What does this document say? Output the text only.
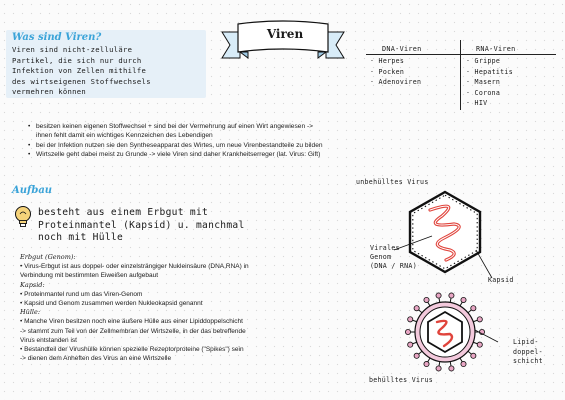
Was sind Viren?
Viren sind nicht-zelluläre
Partikel, die sich nur durch
Infektion von Zellen mithilfe
des wirtseigenen Stoffwechsels
vermehren können
Viren
DNA-Viren	RNA-Viren
· Herpes
· Pocken
· Adenoviren
· Grippe
· Hepatitis
· Masern
· Corona
· HIV
• besitzen keinen eigenen Stoffwechsel + sind bei der Vermehrung auf einen Wirt angewiesen ->
ihnen fehlt damit ein wichtiges Kennzeichen des Lebendigen
• bei der Infektion nutzen sie den Syntheseapparat des Wirtes, um neue Virenbestandteile zu bilden
• Wirtszelle geht dabei meist zu Grunde -> viele Viren sind daher Krankheitserreger (lat. Virus: Gift)
Aufbau
besteht aus einem Erbgut mit
Proteinmantel (Kapsid) u. manchmal
noch mit Hülle
Erbgut (Genom):
• Virus-Erbgut ist aus doppel- oder einzelsträngiger Nukleinsäure (DNA,RNA) in
Verbindung mit bestimmten Eiweißen aufgebaut
Kapsid:
• Proteinmantel rund um das Viren-Genom
• Kapsid und Genom zusammen werden Nukleokapsid genannt
Hülle:
• Manche Viren besitzen noch eine äußere Hülle aus einer Lipiddoppelschicht
-> stammt zum Teil von der Zellmembran der Wirtszelle, in der das betreffende
Virus entstanden ist
• Bestandteil der Virushülle können spezielle Rezeptorproteine ("Spikes") sein
-> dienen dem Anheften des Virus an eine Wirtszelle
unbehülltes Virus
behülltes Virus
Virales
Genom
(DNA / RNA)
Kapsid
Lipid-
doppel-
schicht
